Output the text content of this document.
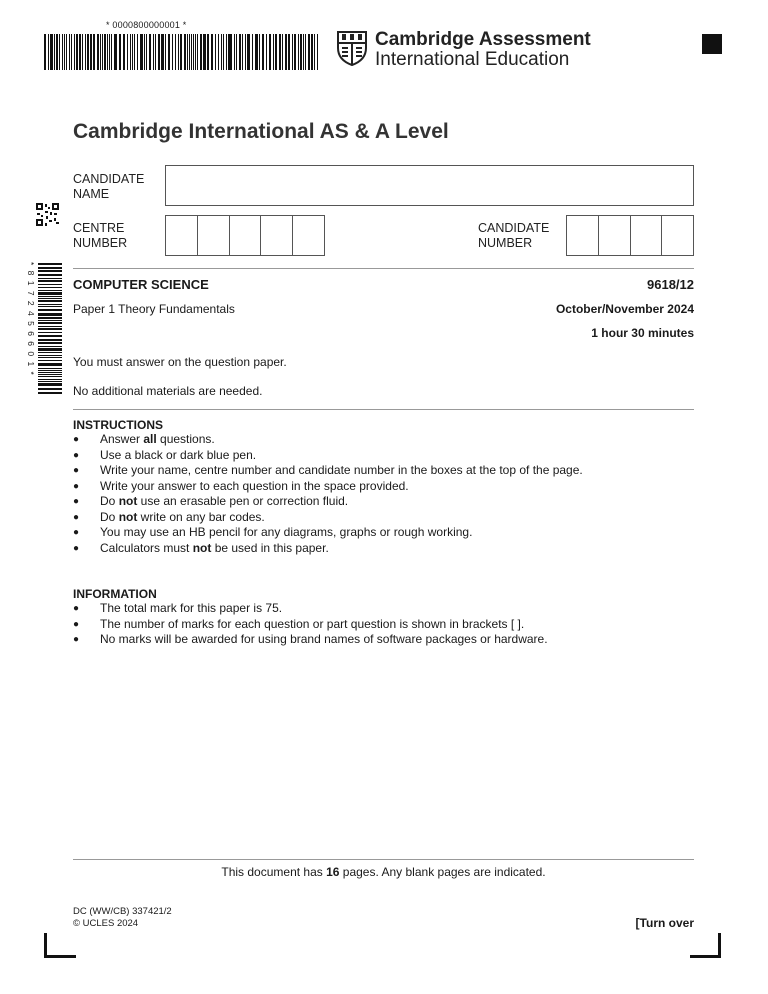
* 0000800000001 *
Cambridge Assessment
International Education
Cambridge International AS & A Level
CANDIDATE
NAME
CENTRE
NUMBER
CANDIDATE
NUMBER
* 8 1 7 2 4 5 6 6 0 1 *	COMPUTER SCIENCE	9618/12
Paper 1 Theory Fundamentals	October/November 2024
1 hour 30 minutes
You must answer on the question paper.
No additional materials are needed.
INSTRUCTIONS
● Answer all questions.
● Use a black or dark blue pen.
● Write your name, centre number and candidate number in the boxes at the top of the page.
● Write your answer to each question in the space provided.
● Do not use an erasable pen or correction fluid.
● Do not write on any bar codes.
● You may use an HB pencil for any diagrams, graphs or rough working.
● Calculators must not be used in this paper.
INFORMATION
● The total mark for this paper is 75.
● The number of marks for each question or part question is shown in brackets [ ].
● No marks will be awarded for using brand names of software packages or hardware.
This document has 16 pages. Any blank pages are indicated.
DC (WW/CB) 337421/2
© UCLES 2024	[Turn over
